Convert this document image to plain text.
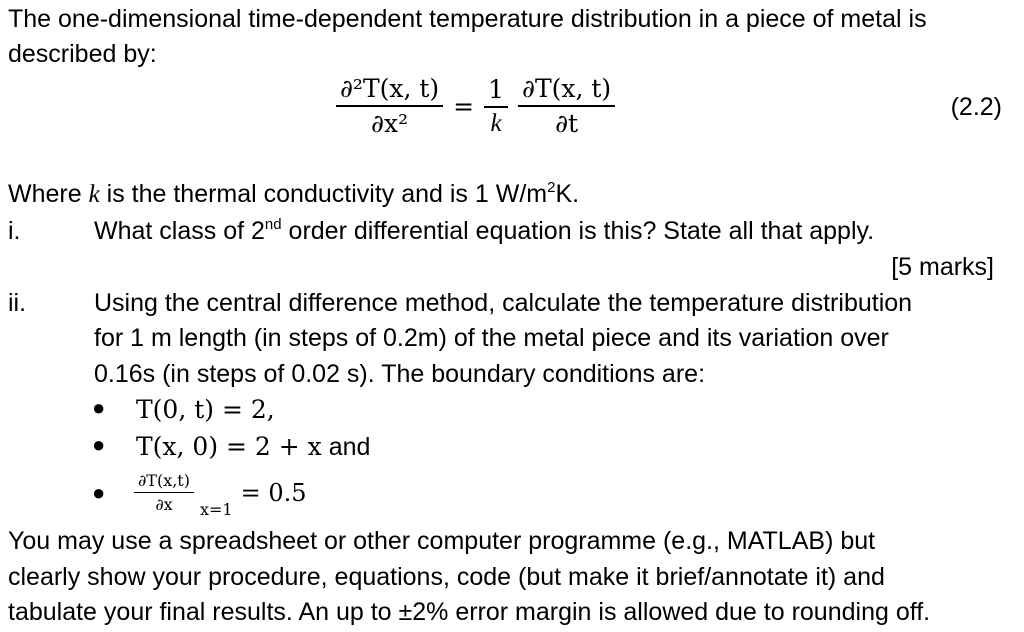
The one-dimensional time-dependent temperature distribution in a piece of metal is
described by:
$\frac{\text{∂²T(x, t)}}{\text{∂x²}} = \frac{1}{k} \frac{\partial T(x, t)}{\partial t}$	(2.2)
Where k is the thermal conductivity and is 1 $W/m^2K$.
i.	What class of 2nd order differential equation is this? State all that apply.
[5 marks]
ii.	Using the central difference method, calculate the temperature distribution
for 1 m length (in steps of 0.2m) of the metal piece and its variation over
0.16s (in steps of 0.02 s). The boundary conditions are:
● T(0, t) = 2,
● T(x, 0) = 2 + x and
● $\frac{\partial T(x,t)}{\partial x} x=1$
= 0.5
You may use a spreadsheet or other computer programme (e.g., MATLAB) but
clearly show your procedure, equations, code (but make it brief/annotate it) and
tabulate your final results. An up to ±2% error margin is allowed due to rounding off.
